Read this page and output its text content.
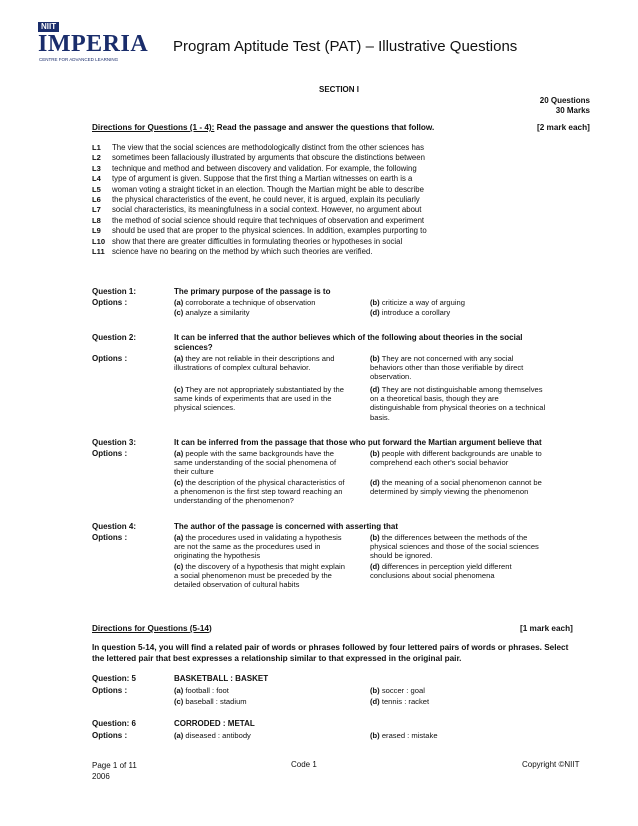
NIIT
IMPERIA
CENTRE FOR ADVANCED LEARNING
Program Aptitude Test (PAT) – Illustrative Questions
SECTION I
20 Questions
30 Marks
Directions for Questions (1 - 4): Read the passage and answer the questions that follow.	[2 mark each]
L1	The view that the social sciences are methodologically distinct from the other sciences has
L2	sometimes been fallaciously illustrated by arguments that obscure the distinctions between
L3	technique and method and between discovery and validation. For example, the following
L4	type of argument is given. Suppose that the first thing a Martian witnesses on earth is a
L5	woman voting a straight ticket in an election. Though the Martian might be able to describe
L6	the physical characteristics of the event, he could never, it is argued, explain its peculiarly
L7	social characteristics, its meaningfulness in a social context. However, no argument about
L8	the method of social science should require that techniques of observation and experiment
L9	should be used that are proper to the physical sciences. In addition, examples purporting to
L10 show that there are greater difficulties in formulating theories or hypotheses in social
L11 science have no bearing on the method by which such theories are verified.
Question 1:	The primary purpose of the passage is to
Options :	(a) corroborate a technique of observation	(b) criticize a way of arguing
(c) analyze a similarity	(d) introduce a corollary
Question 2:	It can be inferred that the author believes which of the following about theories in the social
sciences?
Options :	(a) they are not reliable in their descriptions and
illustrations of complex cultural behavior.
(b) They are not concerned with any social
behaviors other than those verifiable by direct
observation.
(c) They are not appropriately substantiated by the
same kinds of experiments that are used in the
physical sciences.
(d) They are not distinguishable among themselves
on a theoretical basis, though they are
distinguishable from physical theories on a technical
basis.
Question 3:	It can be inferred from the passage that those who put forward the Martian argument believe that
Options :	(a) people with the same backgrounds have the
same understanding of the social phenomena of
their culture
(b) people with different backgrounds are unable to
comprehend each other's social behavior
(c) the description of the physical characteristics of
a phenomenon is the first step toward reaching an
understanding of the phenomenon?
(d) the meaning of a social phenomenon cannot be
determined by simply viewing the phenomenon
Question 4:	The author of the passage is concerned with asserting that
Options :	(a) the procedures used in validating a hypothesis
are not the same as the procedures used in
originating the hypothesis
(b) the differences between the methods of the
physical sciences and those of the social sciences
should be ignored.
(c) the discovery of a hypothesis that might explain
a social phenomenon must be preceded by the
detailed observation of cultural habits
(d) differences in perception yield different
conclusions about social phenomena
Directions for Questions (5-14)	[1 mark each]
In question 5-14, you will find a related pair of words or phrases followed by four lettered pairs of words or phrases. Select
the lettered pair that best expresses a relationship similar to that expressed in the original pair.
Question: 5	BASKETBALL : BASKET
Options :	(a) football : foot	(b) soccer : goal
(c) baseball : stadium	(d) tennis : racket
Question: 6	CORRODED : METAL
Options :	(a) diseased : antibody	(b) erased : mistake
Page 1 of 11
2006
Code 1	Copyright ©NIIT
